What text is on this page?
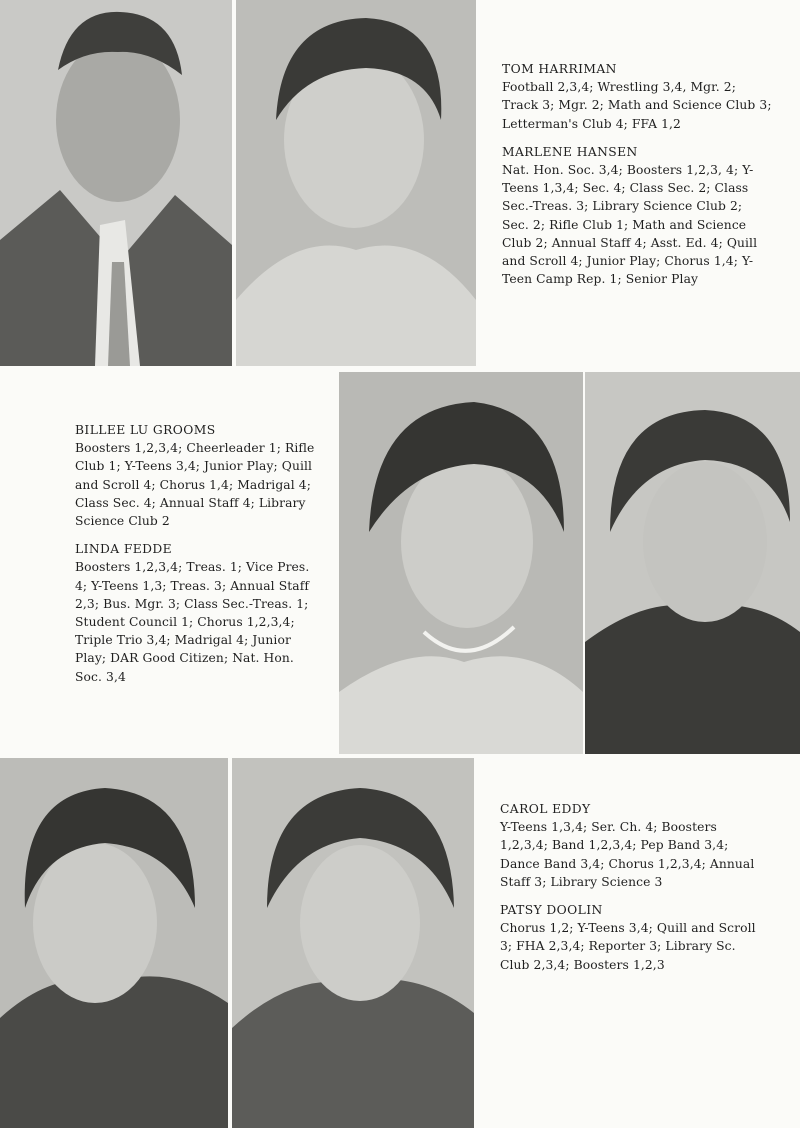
TOM HARRIMAN
Football 2,3,4; Wrestling 3,4, Mgr. 2; Track 3; Mgr. 2; Math and Science Club 3; Letterman's Club 4; FFA 1,2
MARLENE HANSEN
Nat. Hon. Soc. 3,4; Boosters 1,2,3, 4; Y-Teens 1,3,4; Sec. 4; Class Sec. 2; Class Sec.-Treas. 3; Library Science Club 2; Sec. 2; Rifle Club 1; Math and Science Club 2; Annual Staff 4; Asst. Ed. 4; Quill and Scroll 4; Junior Play; Chorus 1,4; Y-Teen Camp Rep. 1; Senior Play
BILLEE LU GROOMS
Boosters 1,2,3,4; Cheerleader 1; Rifle Club 1; Y-Teens 3,4; Junior Play; Quill and Scroll 4; Chorus 1,4; Madrigal 4; Class Sec. 4; Annual Staff 4; Library Science Club 2
LINDA FEDDE
Boosters 1,2,3,4; Treas. 1; Vice Pres. 4; Y-Teens 1,3; Treas. 3; Annual Staff 2,3; Bus. Mgr. 3; Class Sec.-Treas. 1; Student Council 1; Chorus 1,2,3,4; Triple Trio 3,4; Madrigal 4; Junior Play; DAR Good Citizen; Nat. Hon. Soc. 3,4
CAROL EDDY
Y-Teens 1,3,4; Ser. Ch. 4; Boosters 1,2,3,4; Band 1,2,3,4; Pep Band 3,4; Dance Band 3,4; Chorus 1,2,3,4; Annual Staff 3; Library Science 3
PATSY DOOLIN
Chorus 1,2; Y-Teens 3,4; Quill and Scroll 3; FHA 2,3,4; Reporter 3; Library Sc. Club 2,3,4; Boosters 1,2,3
